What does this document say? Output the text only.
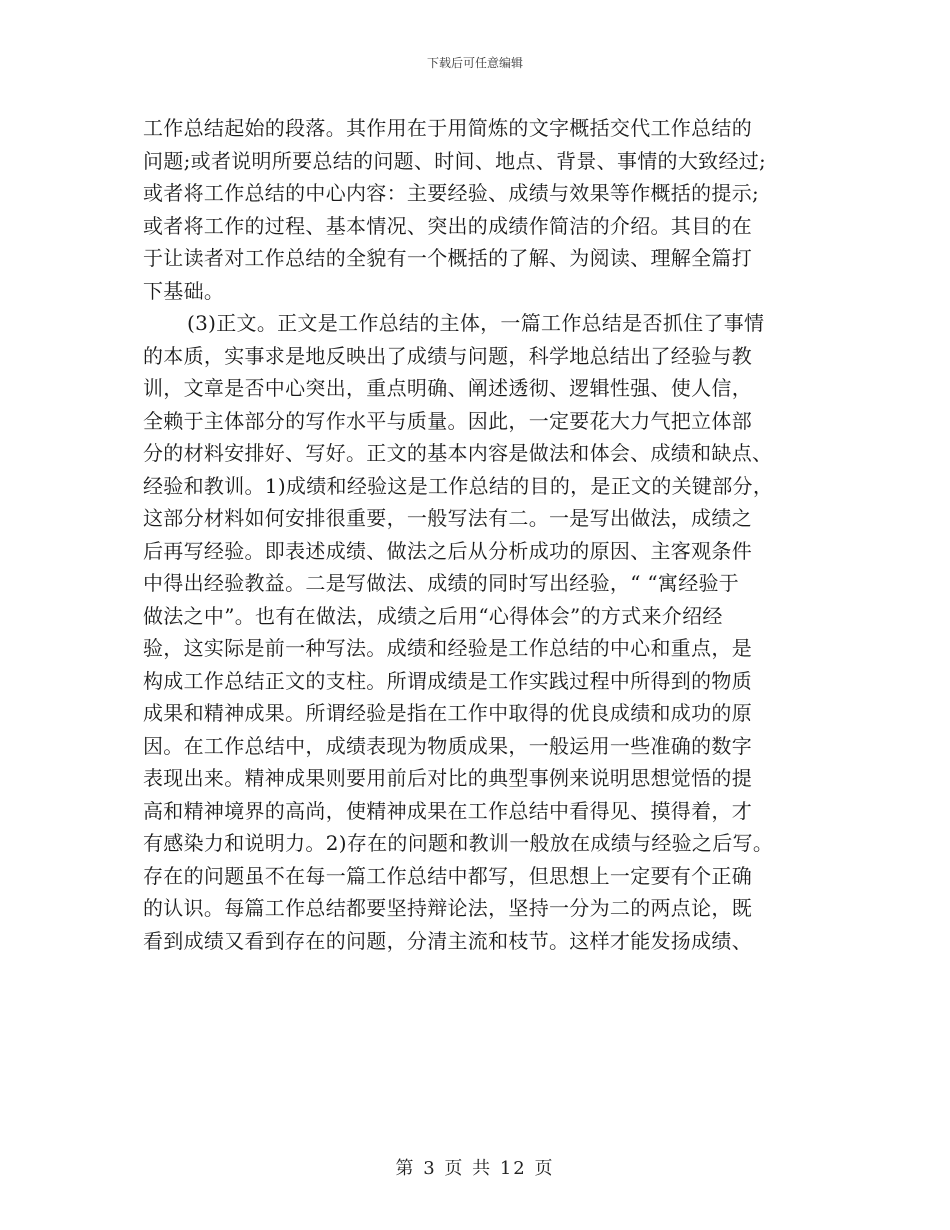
下载后可任意编辑
工作总结起始的段落。其作用在于用简炼的文字概括交代工作总结的
问题;或者说明所要总结的问题、时间、地点、背景、事情的大致经过;
或者将工作总结的中心内容：主要经验、成绩与效果等作概括的提示;
或者将工作的过程、基本情况、突出的成绩作简洁的介绍。其目的在
于让读者对工作总结的全貌有一个概括的了解、为阅读、理解全篇打
下基础。
(3)正文。正文是工作总结的主体，一篇工作总结是否抓住了事情
的本质，实事求是地反映出了成绩与问题，科学地总结出了经验与教
训，文章是否中心突出，重点明确、阐述透彻、逻辑性强、使人信，
全赖于主体部分的写作水平与质量。因此，一定要花大力气把立体部
分的材料安排好、写好。正文的基本内容是做法和体会、成绩和缺点、
经验和教训。1)成绩和经验这是工作总结的目的，是正文的关键部分，
这部分材料如何安排很重要，一般写法有二。一是写出做法，成绩之
后再写经验。即表述成绩、做法之后从分析成功的原因、主客观条件
中得出经验教益。二是写做法、成绩的同时写出经验，“ “寓经验于
做法之中”。也有在做法，成绩之后用“心得体会”的方式来介绍经
验，这实际是前一种写法。成绩和经验是工作总结的中心和重点，是
构成工作总结正文的支柱。所谓成绩是工作实践过程中所得到的物质
成果和精神成果。所谓经验是指在工作中取得的优良成绩和成功的原
因。在工作总结中，成绩表现为物质成果，一般运用一些准确的数字
表现出来。精神成果则要用前后对比的典型事例来说明思想觉悟的提
高和精神境界的高尚，使精神成果在工作总结中看得见、摸得着，才
有感染力和说明力。2)存在的问题和教训一般放在成绩与经验之后写。
存在的问题虽不在每一篇工作总结中都写，但思想上一定要有个正确
的认识。每篇工作总结都要坚持辩论法，坚持一分为二的两点论，既
看到成绩又看到存在的问题，分清主流和枝节。这样才能发扬成绩、
第 3 页 共 12 页
